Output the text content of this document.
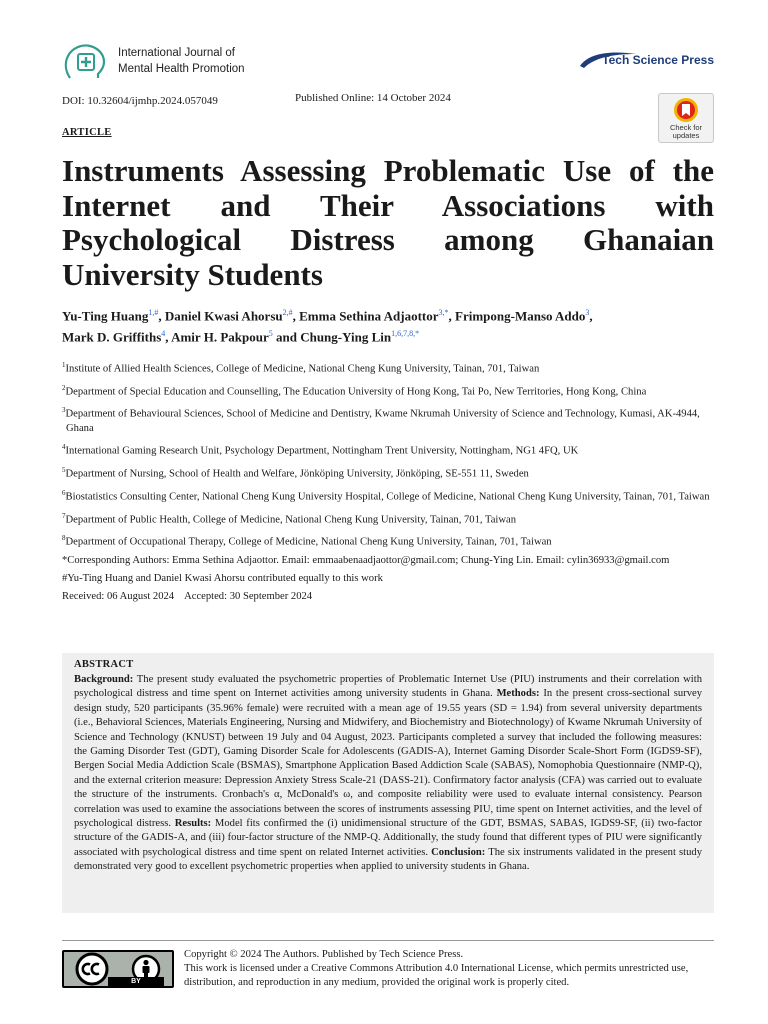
International Journal of
Mental Health Promotion
Tech Science Press
DOI: 10.32604/ijmhp.2024.057049	Published Online: 14 October 2024
Check for
updates
ARTICLE
Instruments Assessing Problematic Use of the Internet and Their Associations with Psychological Distress among Ghanaian University Students
Yu-Ting Huang$^{1,\#}$, Daniel Kwasi Ahorsu$^{2,\#}$, Emma Sethina Adjaottor$^{3,*}$, Frimpong-Manso Addo$^3$,
Mark D. Griffiths$^4$, Amir H. Pakpour$^5$ and Chung-Ying Lin$^{1,6,7,8,*}$
$^1$Institute of Allied Health Sciences, College of Medicine, National Cheng Kung University, Tainan, 701, Taiwan
$^2$Department of Special Education and Counselling, The Education University of Hong Kong, Tai Po, New Territories, Hong Kong, China
$^3$Department of Behavioural Sciences, School of Medicine and Dentistry, Kwame Nkrumah University of Science and Technology, Kumasi, AK-4944, Ghana
$^4$International Gaming Research Unit, Psychology Department, Nottingham Trent University, Nottingham, NG1 4FQ, UK
$^5$Department of Nursing, School of Health and Welfare, Jönköping University, Jönköping, SE-551 11, Sweden
$^6$Biostatistics Consulting Center, National Cheng Kung University Hospital, College of Medicine, National Cheng Kung University, Tainan, 701, Taiwan
$^7$Department of Public Health, College of Medicine, National Cheng Kung University, Tainan, 701, Taiwan
$^8$Department of Occupational Therapy, College of Medicine, National Cheng Kung University, Tainan, 701, Taiwan
*Corresponding Authors: Emma Sethina Adjaottor. Email: emmaabenaadjaottor@gmail.com; Chung-Ying Lin. Email: cylin36933@gmail.com
#Yu-Ting Huang and Daniel Kwasi Ahorsu contributed equally to this work
Received: 06 August 2024    Accepted: 30 September 2024
ABSTRACT

Background: The present study evaluated the psychometric properties of Problematic Internet Use (PIU) instruments and their correlation with psychological distress and time spent on Internet activities among university students in Ghana. Methods: In the present cross-sectional survey design study, 520 participants (35.96% female) were recruited with a mean age of 19.55 years (SD = 1.94) from several university departments (i.e., Behavioral Sciences, Materials Engineering, Nursing and Midwifery, and Biochemistry and Biotechnology) of Kwame Nkrumah University of Science and Technology (KNUST) between 19 July and 04 August, 2023. Participants completed a survey that included the following measures: the Gaming Disorder Test (GDT), Gaming Disorder Scale for Adolescents (GADIS-A), Internet Gaming Disorder Scale-Short Form (IGDS9-SF), Bergen Social Media Addiction Scale (BSMAS), Smartphone Application Based Addiction Scale (SABAS), Nomophobia Questionnaire (NMP-Q), and the external criterion measure: Depression Anxiety Stress Scale-21 (DASS-21). Confirmatory factor analysis (CFA) was carried out to evaluate the structure of the instruments. Cronbach's α, McDonald's ω, and composite reliability were used to evaluate internal consistency. Pearson correlation was used to examine the associations between the scores of instruments assessing PIU, time spent on Internet activities, and the level of psychological distress. Results: Model fits confirmed the (i) unidimensional structure of the GDT, BSMAS, SABAS, IGDS9-SF, (ii) two-factor structure of the GADIS-A, and (iii) four-factor structure of the NMP-Q. Additionally, the study found that different types of PIU were significantly associated with psychological distress and time spent on related Internet activities. Conclusion: The six instruments validated in the present study demonstrated very good to excellent psychometric properties when applied to university students in Ghana.

BY
Copyright © 2024 The Authors. Published by Tech Science Press.
This work is licensed under a Creative Commons Attribution 4.0 International License, which permits unrestricted use, distribution, and reproduction in any medium, provided the original work is properly cited.
